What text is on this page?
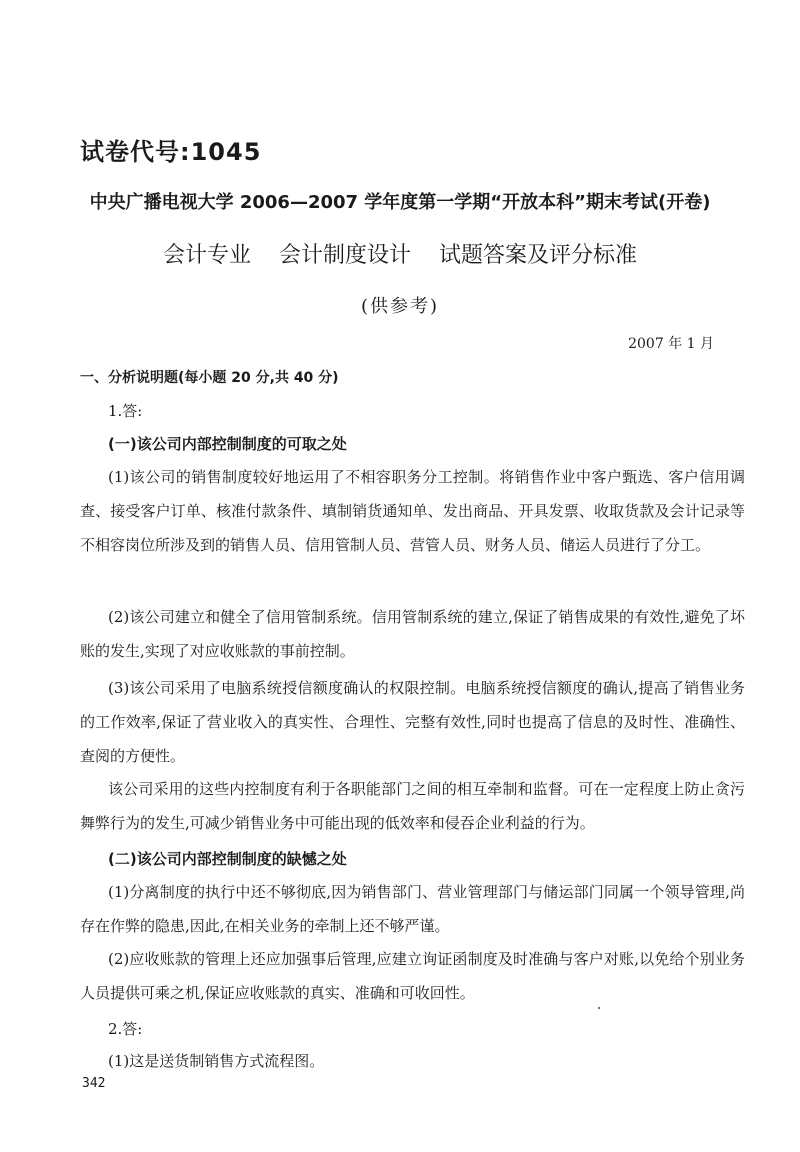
试卷代号:1045
中央广播电视大学 2006—2007 学年度第一学期“开放本科”期末考试(开卷)
会计专业    会计制度设计    试题答案及评分标准
(供参考)
2007 年 1 月
一、分析说明题(每小题 20 分,共 40 分)
1.答:
(一)该公司内部控制制度的可取之处

(1)该公司的销售制度较好地运用了不相容职务分工控制。将销售作业中客户甄选、客户信用调查、接受客户订单、核准付款条件、填制销货通知单、发出商品、开具发票、收取货款及会计记录等不相容岗位所涉及到的销售人员、信用管制人员、营管人员、财务人员、储运人员进行了分工。

(2)该公司建立和健全了信用管制系统。信用管制系统的建立,保证了销售成果的有效性,避免了坏账的发生,实现了对应收账款的事前控制。

(3)该公司采用了电脑系统授信额度确认的权限控制。电脑系统授信额度的确认,提高了销售业务的工作效率,保证了营业收入的真实性、合理性、完整有效性,同时也提高了信息的及时性、准确性、查阅的方便性。

该公司采用的这些内控制度有利于各职能部门之间的相互牵制和监督。可在一定程度上防止贪污舞弊行为的发生,可减少销售业务中可能出现的低效率和侵吞企业利益的行为。

(二)该公司内部控制制度的缺憾之处

(1)分离制度的执行中还不够彻底,因为销售部门、营业管理部门与储运部门同属一个领导管理,尚存在作弊的隐患,因此,在相关业务的牵制上还不够严谨。

(2)应收账款的管理上还应加强事后管理,应建立询证函制度及时准确与客户对账,以免给个别业务人员提供可乘之机,保证应收账款的真实、准确和可收回性。

2.答:

(1)这是送货制销售方式流程图。

342
